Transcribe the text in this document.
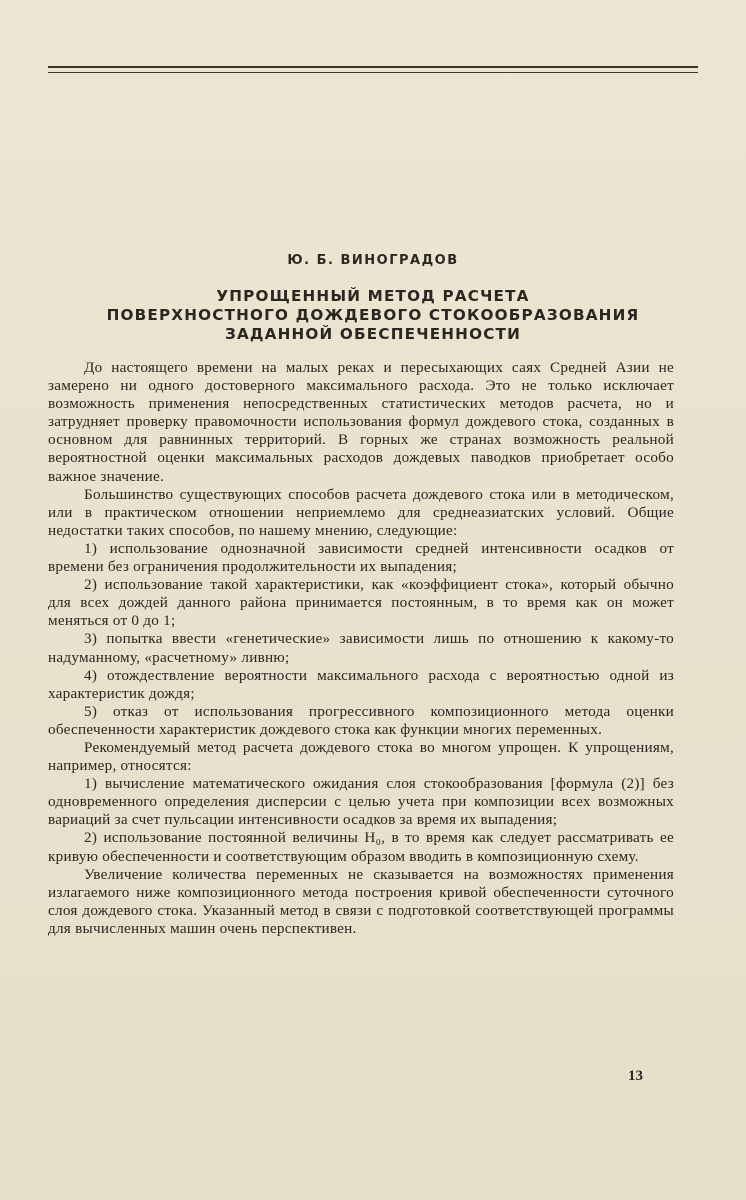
Ю. Б. ВИНОГРАДОВ
УПРОЩЕННЫЙ МЕТОД РАСЧЕТА
ПОВЕРХНОСТНОГО ДОЖДЕВОГО СТОКООБРАЗОВАНИЯ
ЗАДАННОЙ ОБЕСПЕЧЕННОСТИ

До настоящего времени на малых реках и пересыхающих саях Средней Азии не замерено ни одного достоверного максимального расхода. Это не только исключает возможность применения непосредственных статистических методов расчета, но и затрудняет проверку правомочности использования формул дождевого стока, созданных в основном для равнинных территорий. В горных же странах возможность реальной вероятностной оценки максимальных расходов дождевых паводков приобретает особо важное значение.

Большинство существующих способов расчета дождевого стока или в методическом, или в практическом отношении неприемлемо для среднеазиатских условий. Общие недостатки таких способов, по нашему мнению, следующие:

1) использование однозначной зависимости средней интенсивности осадков от времени без ограничения продолжительности их выпадения;

2) использование такой характеристики, как «коэффициент стока», который обычно для всех дождей данного района принимается постоянным, в то время как он может меняться от 0 до 1;

3) попытка ввести «генетические» зависимости лишь по отношению к какому-то надуманному, «расчетному» ливню;

4) отождествление вероятности максимального расхода с вероятностью одной из характеристик дождя;

5) отказ от использования прогрессивного композиционного метода оценки обеспеченности характеристик дождевого стока как функции многих переменных.

Рекомендуемый метод расчета дождевого стока во многом упрощен. К упрощениям, например, относятся:

1) вычисление математического ожидания слоя стокообразования [формула (2)] без одновременного определения дисперсии с целью учета при композиции всех возможных вариаций за счет пульсации интенсивности осадков за время их выпадения;

2) использование постоянной величины H₀, в то время как следует рассматривать ее кривую обеспеченности и соответствующим образом вводить в композиционную схему.

Увеличение количества переменных не сказывается на возможностях применения излагаемого ниже композиционного метода построения кривой обеспеченности суточного слоя дождевого стока. Указанный метод в связи с подготовкой соответствующей программы для вычисленных машин очень перспективен.

13
